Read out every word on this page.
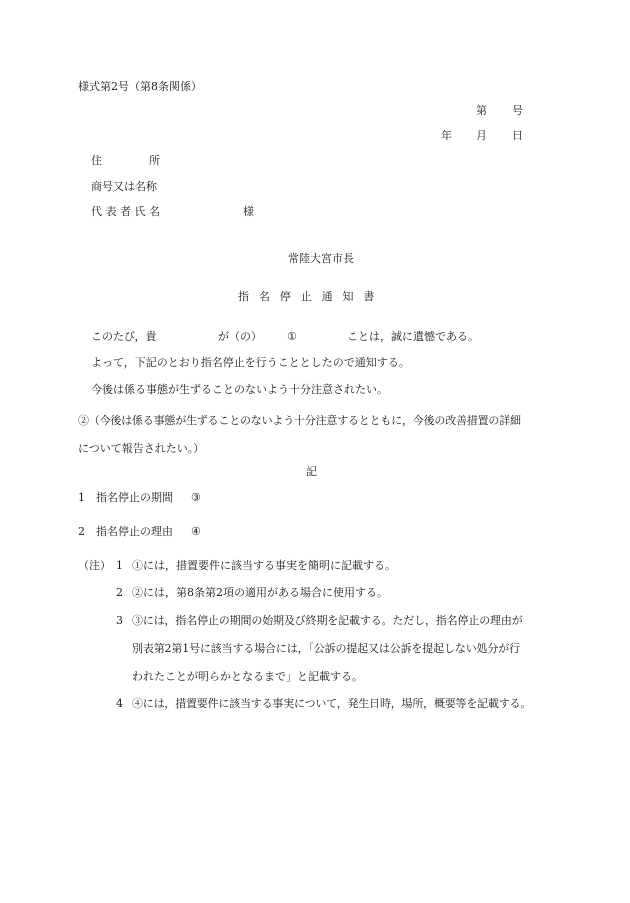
様式第2号（第8条関係）
第 号
年 月 日
住	所
商号又は名称
代 表 者 氏 名	様
常陸大宮市長
指名停止通知書
このたび，貴	が（の） ①	ことは，誠に遺憾である。
よって，下記のとおり指名停止を行うこととしたので通知する。
今後は係る事態が生ずることのないよう十分注意されたい。
②（今後は係る事態が生ずることのないよう十分注意するとともに，今後の改善措置の詳細
について報告されたい。）
記
1 指名停止の期間 ③
2 指名停止の理由 ④
（注） 1 ①には，措置要件に該当する事実を簡明に記載する。
2 ②には，第8条第2項の適用がある場合に使用する。
3 ③には，指名停止の期間の始期及び終期を記載する。ただし，指名停止の理由が
別表第2第1号に該当する場合には，「公訴の提起又は公訴を提起しない処分が行
われたことが明らかとなるまで」と記載する。
4 ④には，措置要件に該当する事実について，発生日時，場所，概要等を記載する。
